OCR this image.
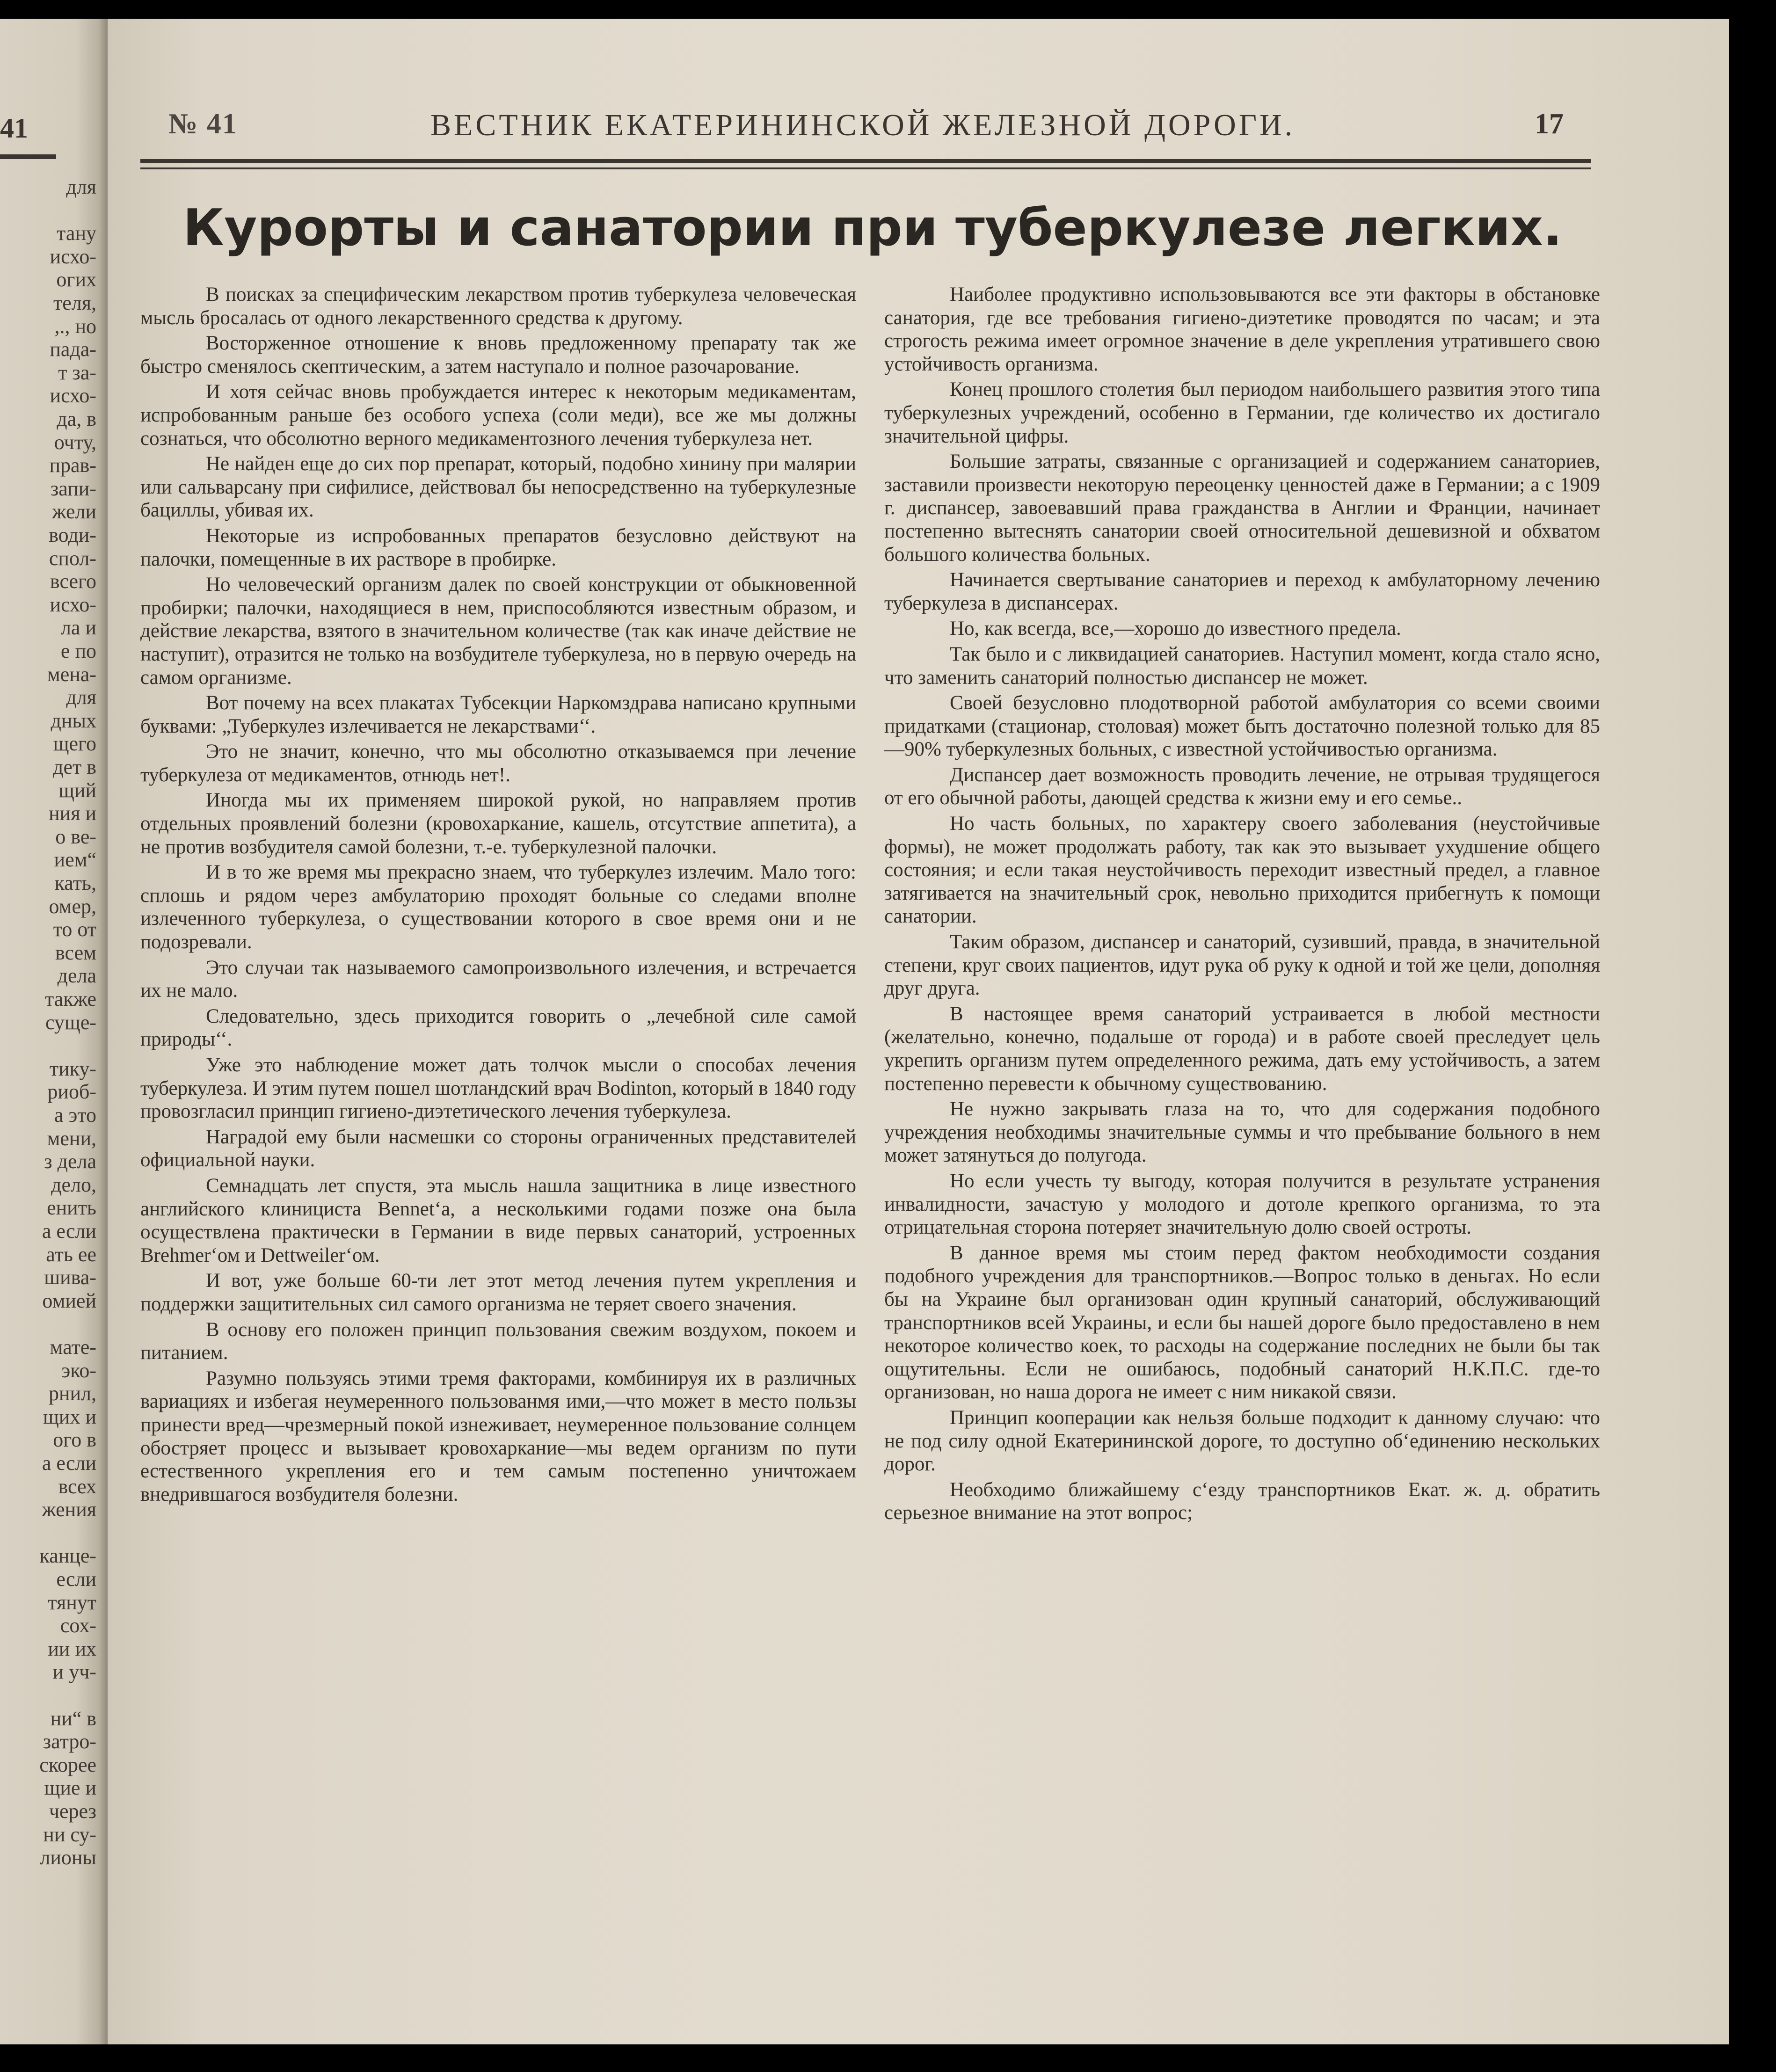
41
для
тану
исхо-
огих
теля,
,., но
пада-
т за-
исхо-
да, в
очту,
прав-
запи-
жели
води-
спол-
всего
исхо-
ла и
е по
мена-
для
дных
щего
дет в
щий
ния и
о ве-
ием“
кать,
омер,
то от
всем
дела
также
суще-
тику-
риоб-
а это
мени,
з дела
дело,
енить
а если
ать ее
шива-
омией
мате-
эко-
рнил,
щих и
ого в
а если
всех
жения
канце-
если
тянут
сох-
ии их
и уч-
ни“ в
затро-
скорее
щие и
через
ни су-
лионы
№ 41	ВЕСТНИК ЕКАТЕРИНИНСКОЙ ЖЕЛЕЗНОЙ ДОРОГИ.	17
Курорты и санатории при туберкулезе легких.

В поисках за специфическим лекарством против туберкулеза человеческая мысль бросалась от одного лекарственного средства к другому.

Восторженное отношение к вновь предложенному препарату так же быстро сменялось скептическим, а затем наступало и полное разочарование.

И хотя сейчас вновь пробуждается интерес к некоторым медикаментам, испробованным раньше без особого успеха (соли меди), все же мы должны сознаться, что обсолютно верного медикаментозного лечения туберкулеза нет.

Не найден еще до сих пор препарат, который, подобно хинину при малярии или сальварсану при сифилисе, действовал бы непосредственно на туберкулезные бациллы, убивая их.

Некоторые из испробованных препаратов безусловно действуют на палочки, помещенные в их растворе в пробирке.

Но человеческий организм далек по своей конструкции от обыкновенной пробирки; палочки, находящиеся в нем, приспособляются известным образом, и действие лекарства, взятого в значительном количестве (так как иначе действие не наступит), отразится не только на возбудителе туберкулеза, но в первую очередь на самом организме.

Вот почему на всех плакатах Тубсекции Наркомздрава написано крупными буквами: „Туберкулез излечивается не лекарствами‘‘.

Это не значит, конечно, что мы обсолютно отказываемся при лечение туберкулеза от медикаментов, отнюдь нет!.

Иногда мы их применяем широкой рукой, но направляем против отдельных проявлений болезни (кровохаркание, кашель, отсутствие аппетита), а не против возбудителя самой болезни, т.-е. туберкулезной палочки.

И в то же время мы прекрасно знаем, что туберкулез излечим. Мало того: сплошь и рядом через амбулаторию проходят больные со следами вполне излеченного туберкулеза, о существовании которого в свое время они и не подозревали.

Это случаи так называемого самопроизвольного излечения, и встречается их не мало.

Следовательно, здесь приходится говорить о „лечебной силе самой природы‘‘.

Уже это наблюдение может дать толчок мысли о способах лечения туберкулеза. И этим путем пошел шотландский врач Bodinton, который в 1840 году провозгласил принцип гигиено-диэтетического лечения туберкулеза.

Наградой ему были насмешки со стороны ограниченных представителей официальной науки.

Семнадцать лет спустя, эта мысль нашла защитника в лице известного английского клинициста Bennet‘a, а несколькими годами позже она была осуществлена практически в Германии в виде первых санаторий, устроенных Brehmer‘ом и Dettweiler‘ом.

И вот, уже больше 60-ти лет этот метод лечения путем укрепления и поддержки защитительных сил самого организма не теряет своего значения.

В основу его положен принцип пользования свежим воздухом, покоем и питанием.

Разумно пользуясь этими тремя факторами, комбинируя их в различных вариациях и избегая неумеренного пользованмя ими,—что может в место пользы принести вред—чрезмерный покой изнеживает, неумеренное пользование солнцем обостряет процесс и вызывает кровохаркание—мы ведем организм по пути естественного укрепления его и тем самым постепенно уничтожаем внедрившагося возбудителя болезни.

Наиболее продуктивно использовываются все эти факторы в обстановке санатория, где все требования гигиено-диэтетике проводятся по часам; и эта строгость режима имеет огромное значение в деле укрепления утратившего свою устойчивость организма.

Конец прошлого столетия был периодом наибольшего развития этого типа туберкулезных учреждений, особенно в Германии, где количество их достигало значительной цифры.

Большие затраты, связанные с организацией и содержанием санаториев, заставили произвести некоторую переоценку ценностей даже в Германии; а с 1909 г. диспансер, завоевавший права гражданства в Англии и Франции, начинает постепенно вытеснять санатории своей относительной дешевизной и обхватом большого количества больных.

Начинается свертывание санаториев и переход к амбулаторному лечению туберкулеза в диспансерах.

Но, как всегда, все,—хорошо до известного предела.

Так было и с ликвидацией санаториев. Наступил момент, когда стало ясно, что заменить санаторий полностью диспансер не может.

Своей безусловно плодотворной работой амбулатория со всеми своими придатками (стационар, столовая) может быть достаточно полезной только для 85—90% туберкулезных больных, с известной устойчивостью организма.

Диспансер дает возможность проводить лечение, не отрывая трудящегося от его обычной работы, дающей средства к жизни ему и его семье..

Но часть больных, по характеру своего заболевания (неустойчивые формы), не может продолжать работу, так как это вызывает ухудшение общего состояния; и если такая неустойчивость переходит известный предел, а главное затягивается на значительный срок, невольно приходится прибегнуть к помощи санатории.

Таким образом, диспансер и санаторий, сузивший, правда, в значительной степени, круг своих пациентов, идут рука об руку к одной и той же цели, дополняя друг друга.

В настоящее время санаторий устраивается в любой местности (желательно, конечно, подальше от города) и в работе своей преследует цель укрепить организм путем определенного режима, дать ему устойчивость, а затем постепенно перевести к обычному существованию.

Не нужно закрывать глаза на то, что для содержания подобного учреждения необходимы значительные суммы и что пребывание больного в нем может затянуться до полугода.

Но если учесть ту выгоду, которая получится в результате устранения инвалидности, зачастую у молодого и дотоле крепкого организма, то эта отрицательная сторона потеряет значительную долю своей остроты.

В данное время мы стоим перед фактом необходимости создания подобного учреждения для транспортников.—Вопрос только в деньгах. Но если бы на Украине был организован один крупный санаторий, обслуживающий транспортников всей Украины, и если бы нашей дороге было предоставлено в нем некоторое количество коек, то расходы на содержание последних не были бы так ощутительны. Если не ошибаюсь, подобный санаторий Н.К.П.С. где-то организован, но наша дорога не имеет с ним никакой связи.

Принцип кооперации как нельзя больше подходит к данному случаю: что не под силу одной Екатерининской дороге, то доступно об‘единению нескольких дорог.

Необходимо ближайшему с‘езду транспортников Екат. ж. д. обратить серьезное внимание на этот вопрос;
